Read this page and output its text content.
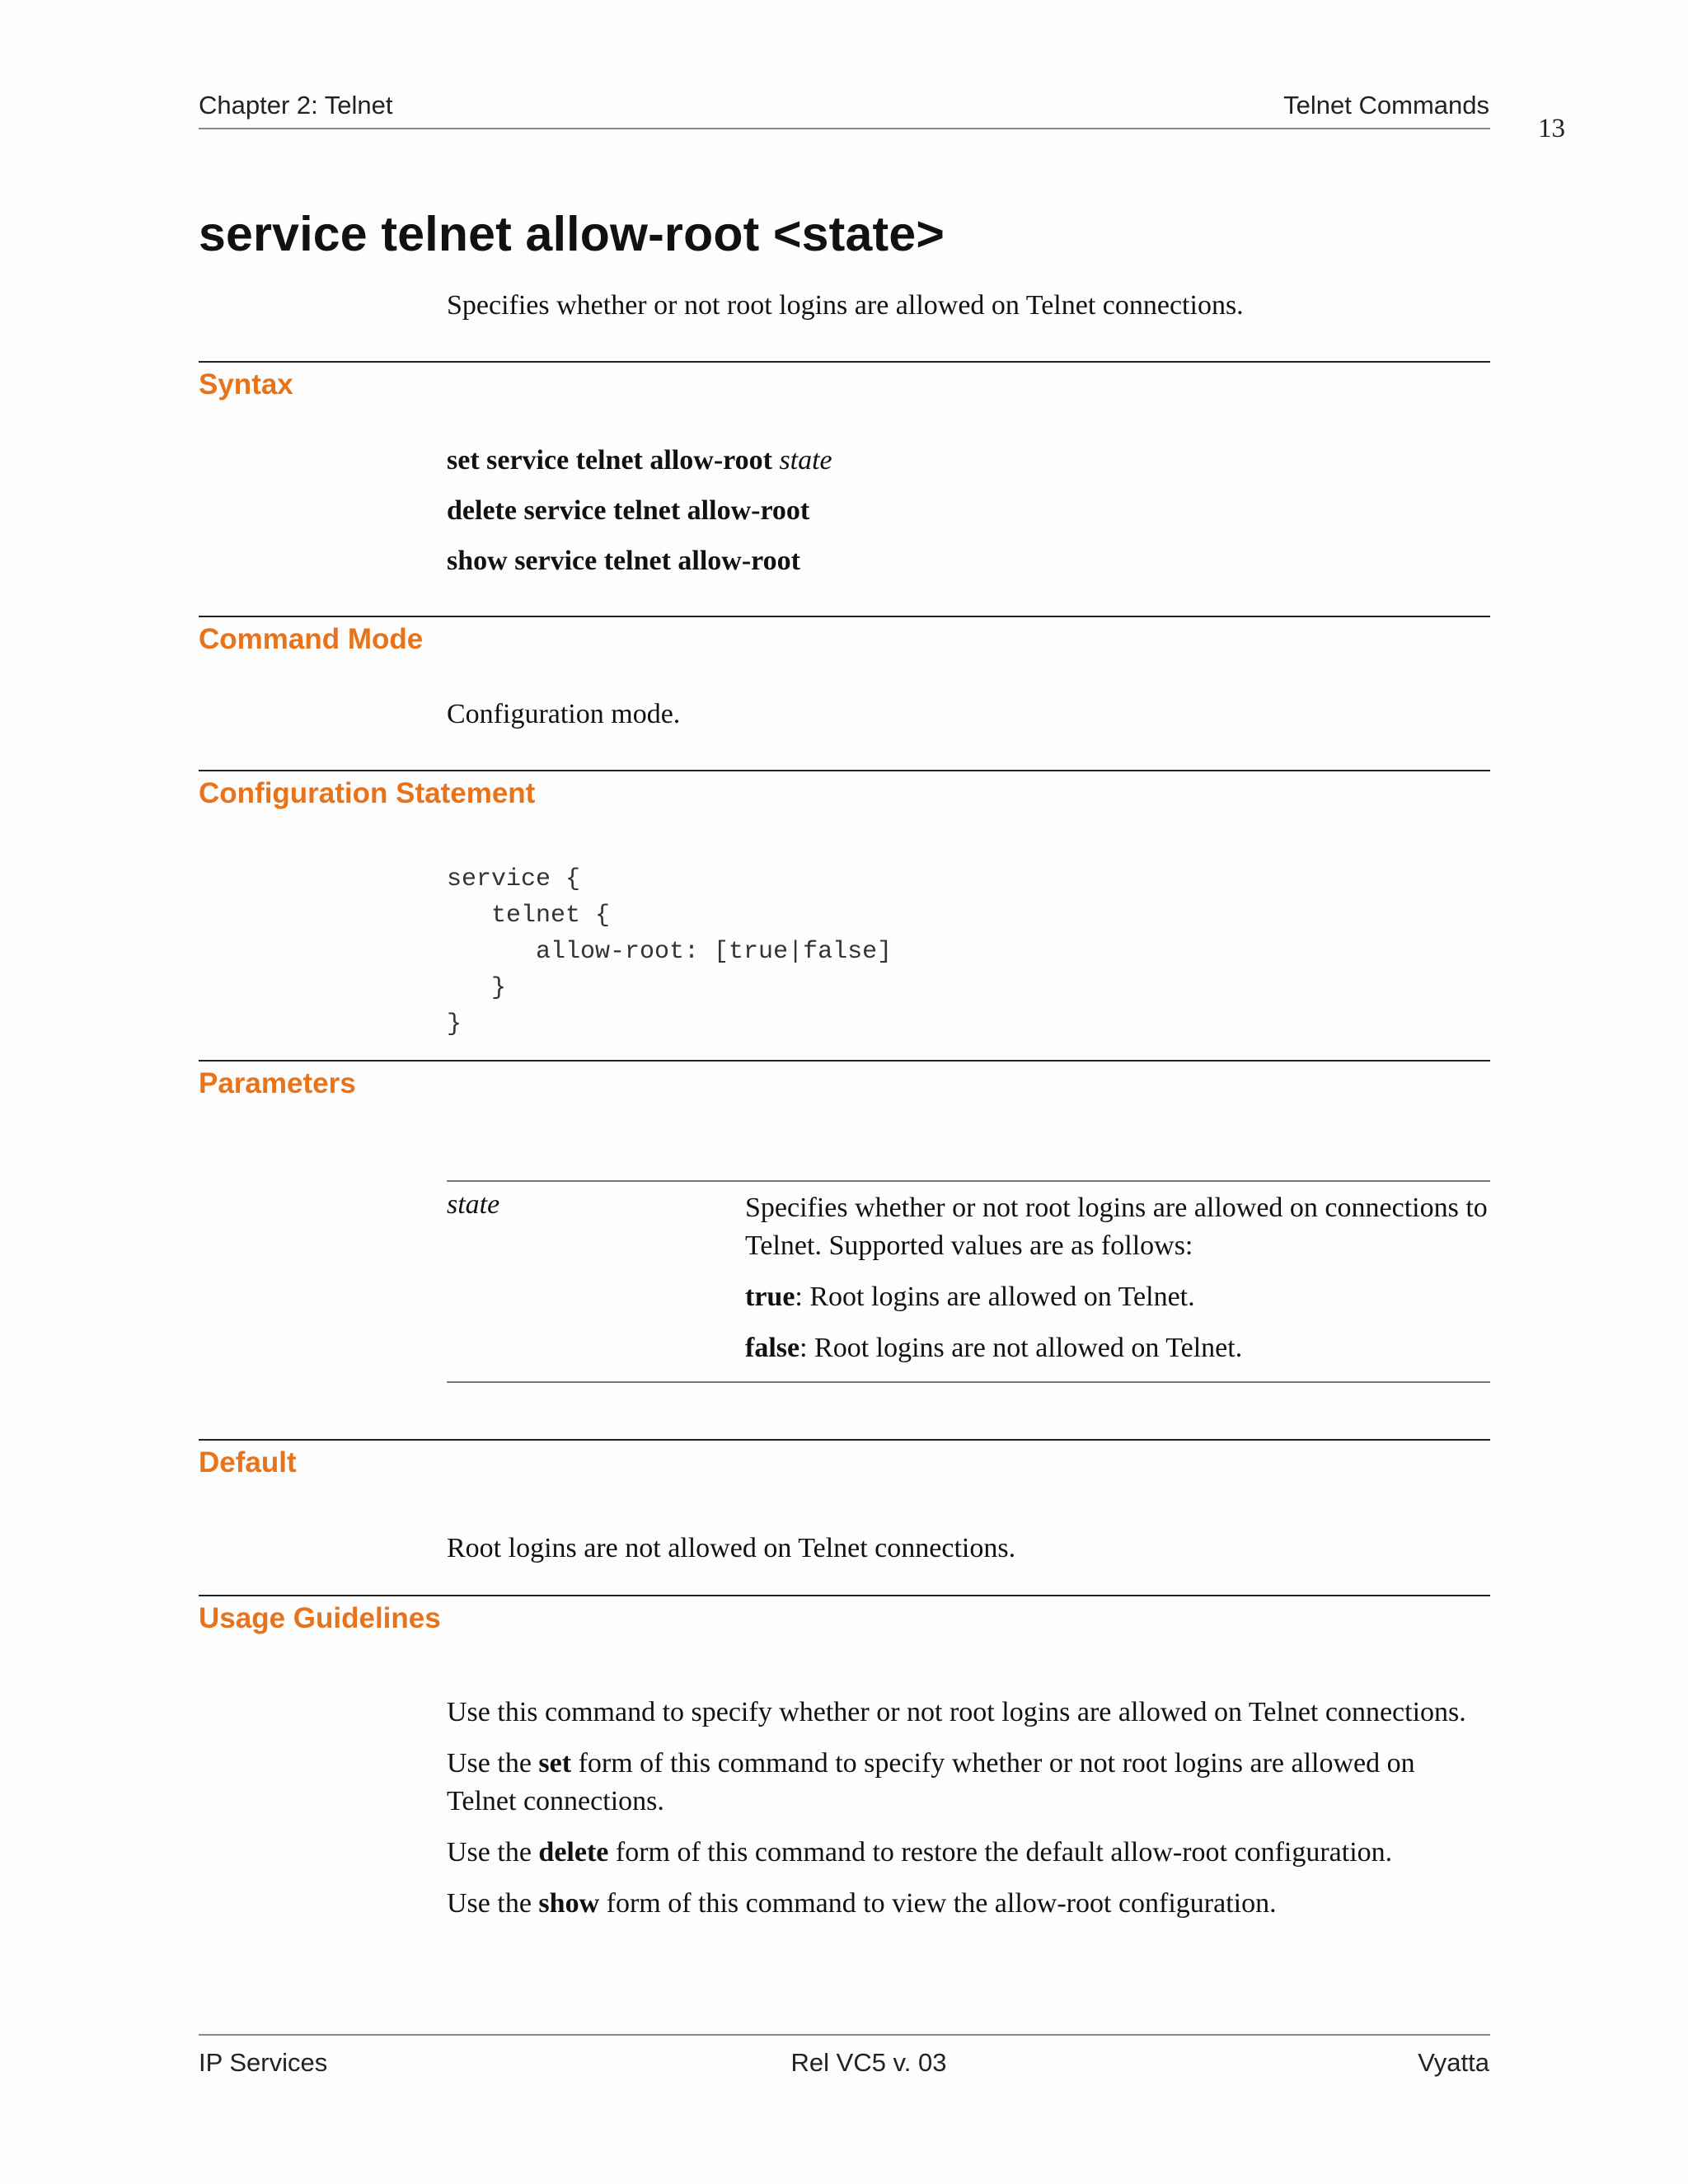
Chapter 2: Telnet	Telnet Commands
13
service telnet allow-root <state>
Specifies whether or not root logins are allowed on Telnet connections.
Syntax
set service telnet allow-root state
delete service telnet allow-root
show service telnet allow-root
Command Mode
Configuration mode.
Configuration Statement
service {
telnet {
allow-root: [true|false]
}
}
Parameters
state	Specifies whether or not root logins are allowed on connections to Telnet. Supported values are as follows:

true: Root logins are allowed on Telnet.

false: Root logins are not allowed on Telnet.

Default
Root logins are not allowed on Telnet connections.
Usage Guidelines

Use this command to specify whether or not root logins are allowed on Telnet connections.

Use the set form of this command to specify whether or not root logins are allowed on Telnet connections.

Use the delete form of this command to restore the default allow-root configuration.

Use the show form of this command to view the allow-root configuration.

IP Services	Rel VC5 v. 03	Vyatta
